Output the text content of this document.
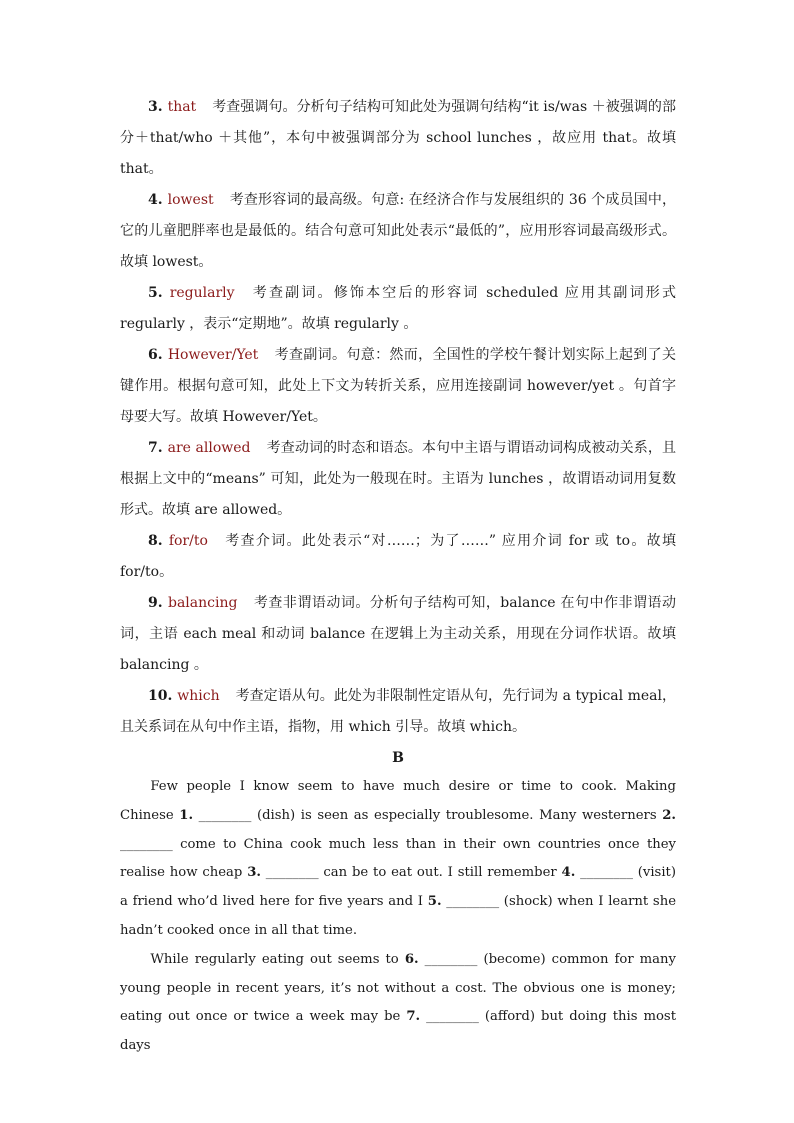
3. that 考查强调句。分析句子结构可知此处为强调句结构“it is/was ＋被强调的部分＋that/who ＋其他”，本句中被强调部分为 school lunches ，故应用 that。故填 that。

4. lowest 考查形容词的最高级。句意: 在经济合作与发展组织的 36 个成员国中，它的儿童肥胖率也是最低的。结合句意可知此处表示“最低的”，应用形容词最高级形式。故填 lowest。

5. regularly 考查副词。修饰本空后的形容词 scheduled 应用其副词形式 regularly ，表示“定期地”。故填 regularly 。

6. However/Yet 考查副词。句意：然而，全国性的学校午餐计划实际上起到了关键作用。根据句意可知，此处上下文为转折关系，应用连接副词 however/yet 。句首字母要大写。故填 However/Yet。

7. are allowed 考查动词的时态和语态。本句中主语与谓语动词构成被动关系，且根据上文中的“means” 可知，此处为一般现在时。主语为 lunches ，故谓语动词用复数形式。故填 are allowed。

8. for/to 考查介词。此处表示“对……；为了……” 应用介词 for 或 to。故填 for/to。

9. balancing 考查非谓语动词。分析句子结构可知，balance 在句中作非谓语动词，主语 each meal 和动词 balance 在逻辑上为主动关系，用现在分词作状语。故填 balancing 。

10. which 考查定语从句。此处为非限制性定语从句，先行词为 a typical meal，且关系词在从句中作主语，指物，用 which 引导。故填 which。

B

Few people I know seem to have much desire or time to cook. Making Chinese 1. ________ (dish) is seen as especially troublesome. Many westerners 2. ________ come to China cook much less than in their own countries once they realise how cheap 3. ________ can be to eat out. I still remember 4. ________ (visit) a friend who’d lived here for five years and I 5. ________ (shock) when I learnt she hadn’t cooked once in all that time.

While regularly eating out seems to 6. ________ (become) common for many young people in recent years, it’s not without a cost. The obvious one is money; eating out once or twice a week may be 7. ________ (afford) but doing this most days
